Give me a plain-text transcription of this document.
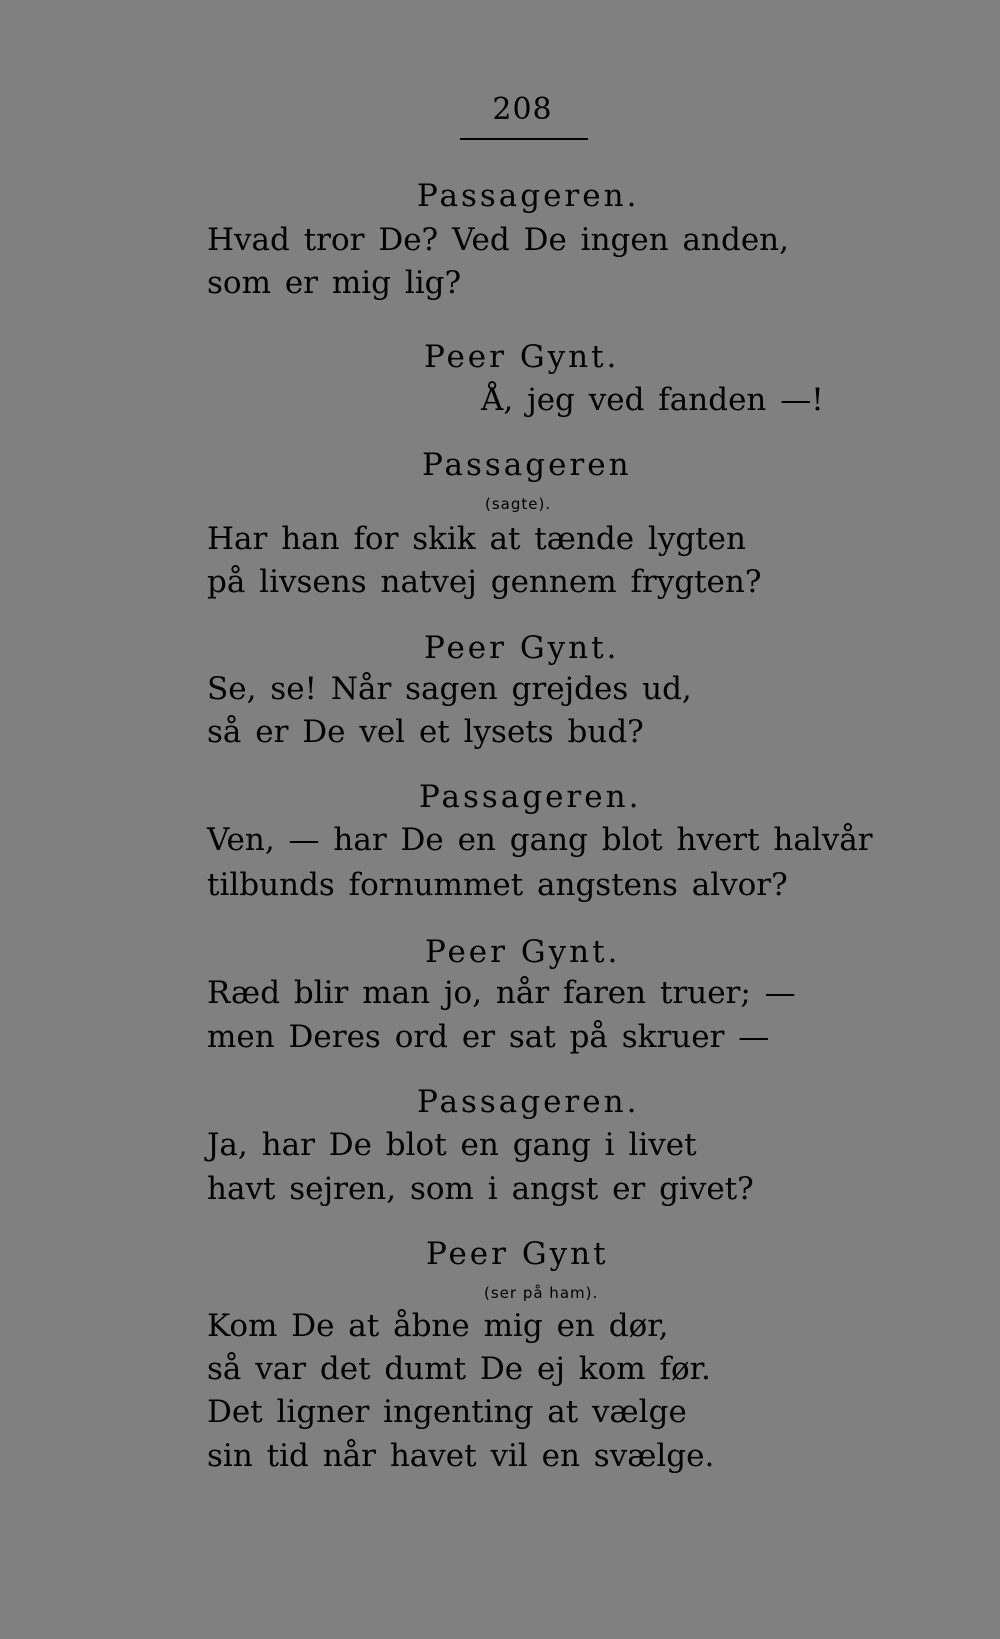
208
Passageren.
Hvad tror De? Ved De ingen anden,
som er mig lig?
Peer Gynt.
Å, jeg ved fanden —!
Passageren
(sagte).
Har han for skik at tænde lygten
på livsens natvej gennem frygten?
Peer Gynt.
Se, se! Når sagen grejdes ud,
så er De vel et lysets bud?
Passageren.
Ven, — har De en gang blot hvert halvår
tilbunds fornummet angstens alvor?
Peer Gynt.
Ræd blir man jo, når faren truer; —
men Deres ord er sat på skruer —
Passageren.
Ja, har De blot en gang i livet
havt sejren, som i angst er givet?
Peer Gynt
(ser på ham).
Kom De at åbne mig en dør,
så var det dumt De ej kom før.
Det ligner ingenting at vælge
sin tid når havet vil en svælge.
